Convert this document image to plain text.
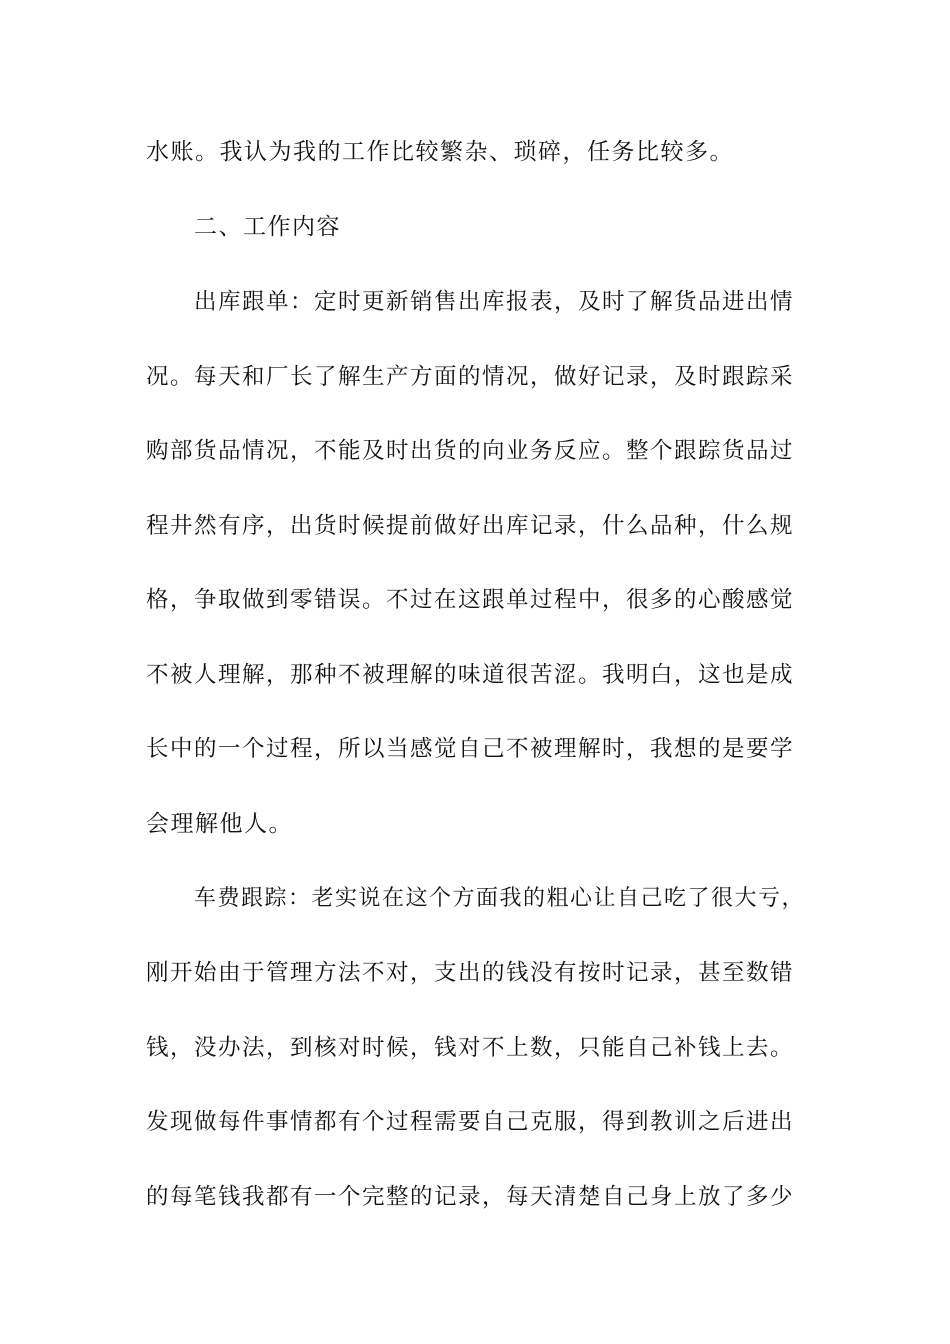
水账。我认为我的工作比较繁杂、琐碎，任务比较多。
二、工作内容
出库跟单：定时更新销售出库报表，及时了解货品进出情
况。每天和厂长了解生产方面的情况，做好记录，及时跟踪采
购部货品情况，不能及时出货的向业务反应。整个跟踪货品过
程井然有序，出货时候提前做好出库记录，什么品种，什么规
格，争取做到零错误。不过在这跟单过程中，很多的心酸感觉
不被人理解，那种不被理解的味道很苦涩。我明白，这也是成
长中的一个过程，所以当感觉自己不被理解时，我想的是要学
会理解他人。
车费跟踪：老实说在这个方面我的粗心让自己吃了很大亏，
刚开始由于管理方法不对，支出的钱没有按时记录，甚至数错
钱，没办法，到核对时候，钱对不上数，只能自己补钱上去。
发现做每件事情都有个过程需要自己克服，得到教训之后进出
的每笔钱我都有一个完整的记录，每天清楚自己身上放了多少
